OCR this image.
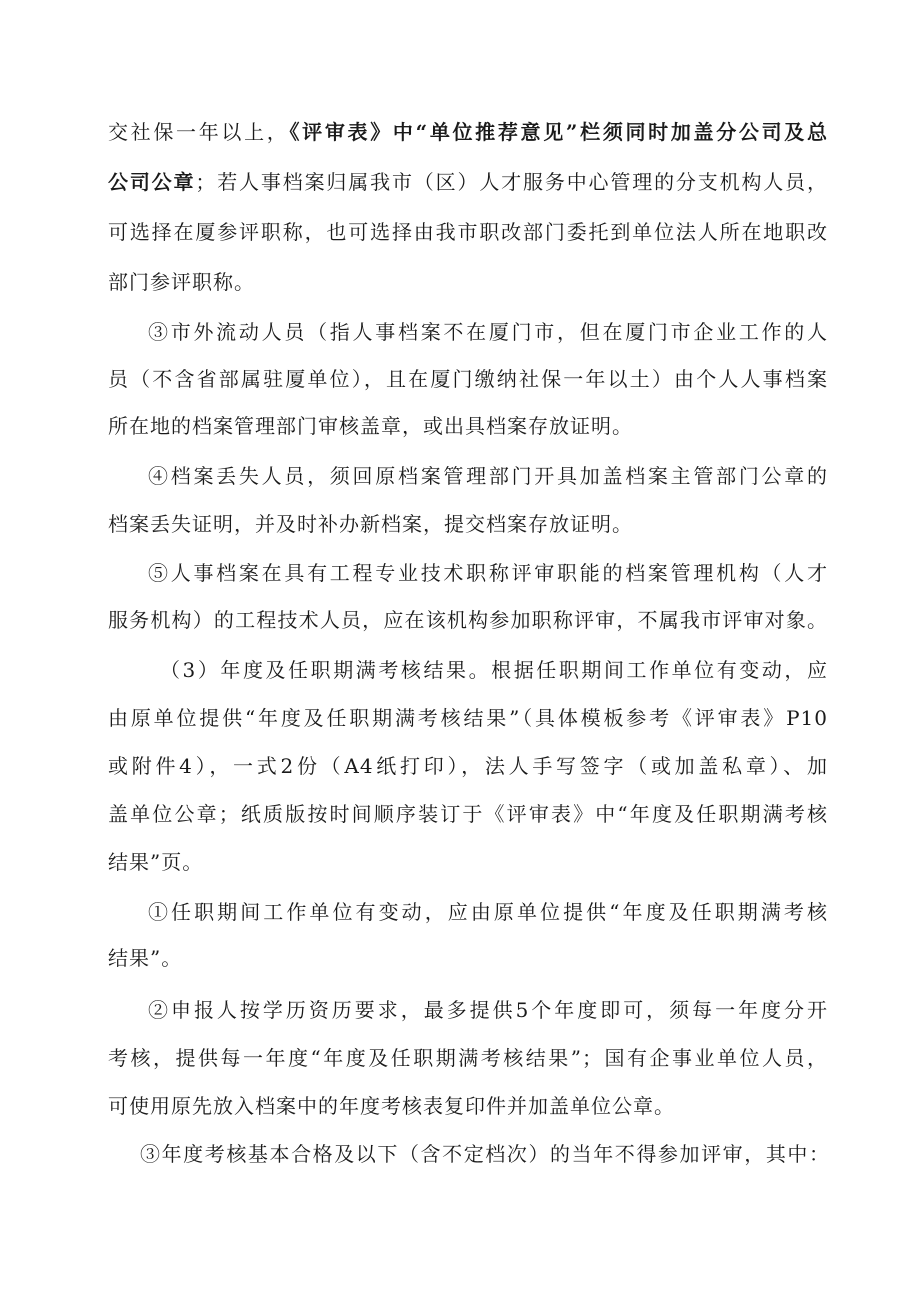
交社保一年以上，《评审表》中“单位推荐意见”栏须同时加盖分公司及总
公司公章；若人事档案归属我市（区）人才服务中心管理的分支机构人员，
可选择在厦参评职称，也可选择由我市职改部门委托到单位法人所在地职改
部门参评职称。
③市外流动人员（指人事档案不在厦门市，但在厦门市企业工作的人
员（不含省部属驻厦单位），且在厦门缴纳社保一年以土）由个人人事档案
所在地的档案管理部门审核盖章，或出具档案存放证明。
④档案丢失人员，须回原档案管理部门开具加盖档案主管部门公章的
档案丢失证明，并及时补办新档案，提交档案存放证明。
⑤人事档案在具有工程专业技术职称评审职能的档案管理机构（人才
服务机构）的工程技术人员，应在该机构参加职称评审，不属我市评审对象。
（3）年度及任职期满考核结果。根据任职期间工作单位有变动，应
由原单位提供“年度及任职期满考核结果”（具体模板参考《评审表》P10
或附件4），一式2份（A4纸打印），法人手写签字（或加盖私章）、加
盖单位公章；纸质版按时间顺序装订于《评审表》中“年度及任职期满考核
结果”页。
①任职期间工作单位有变动，应由原单位提供“年度及任职期满考核
结果”。
②申报人按学历资历要求，最多提供5个年度即可，须每一年度分开
考核，提供每一年度“年度及任职期满考核结果”；国有企事业单位人员，
可使用原先放入档案中的年度考核表复印件并加盖单位公章。
③年度考核基本合格及以下（含不定档次）的当年不得参加评审，其中：
